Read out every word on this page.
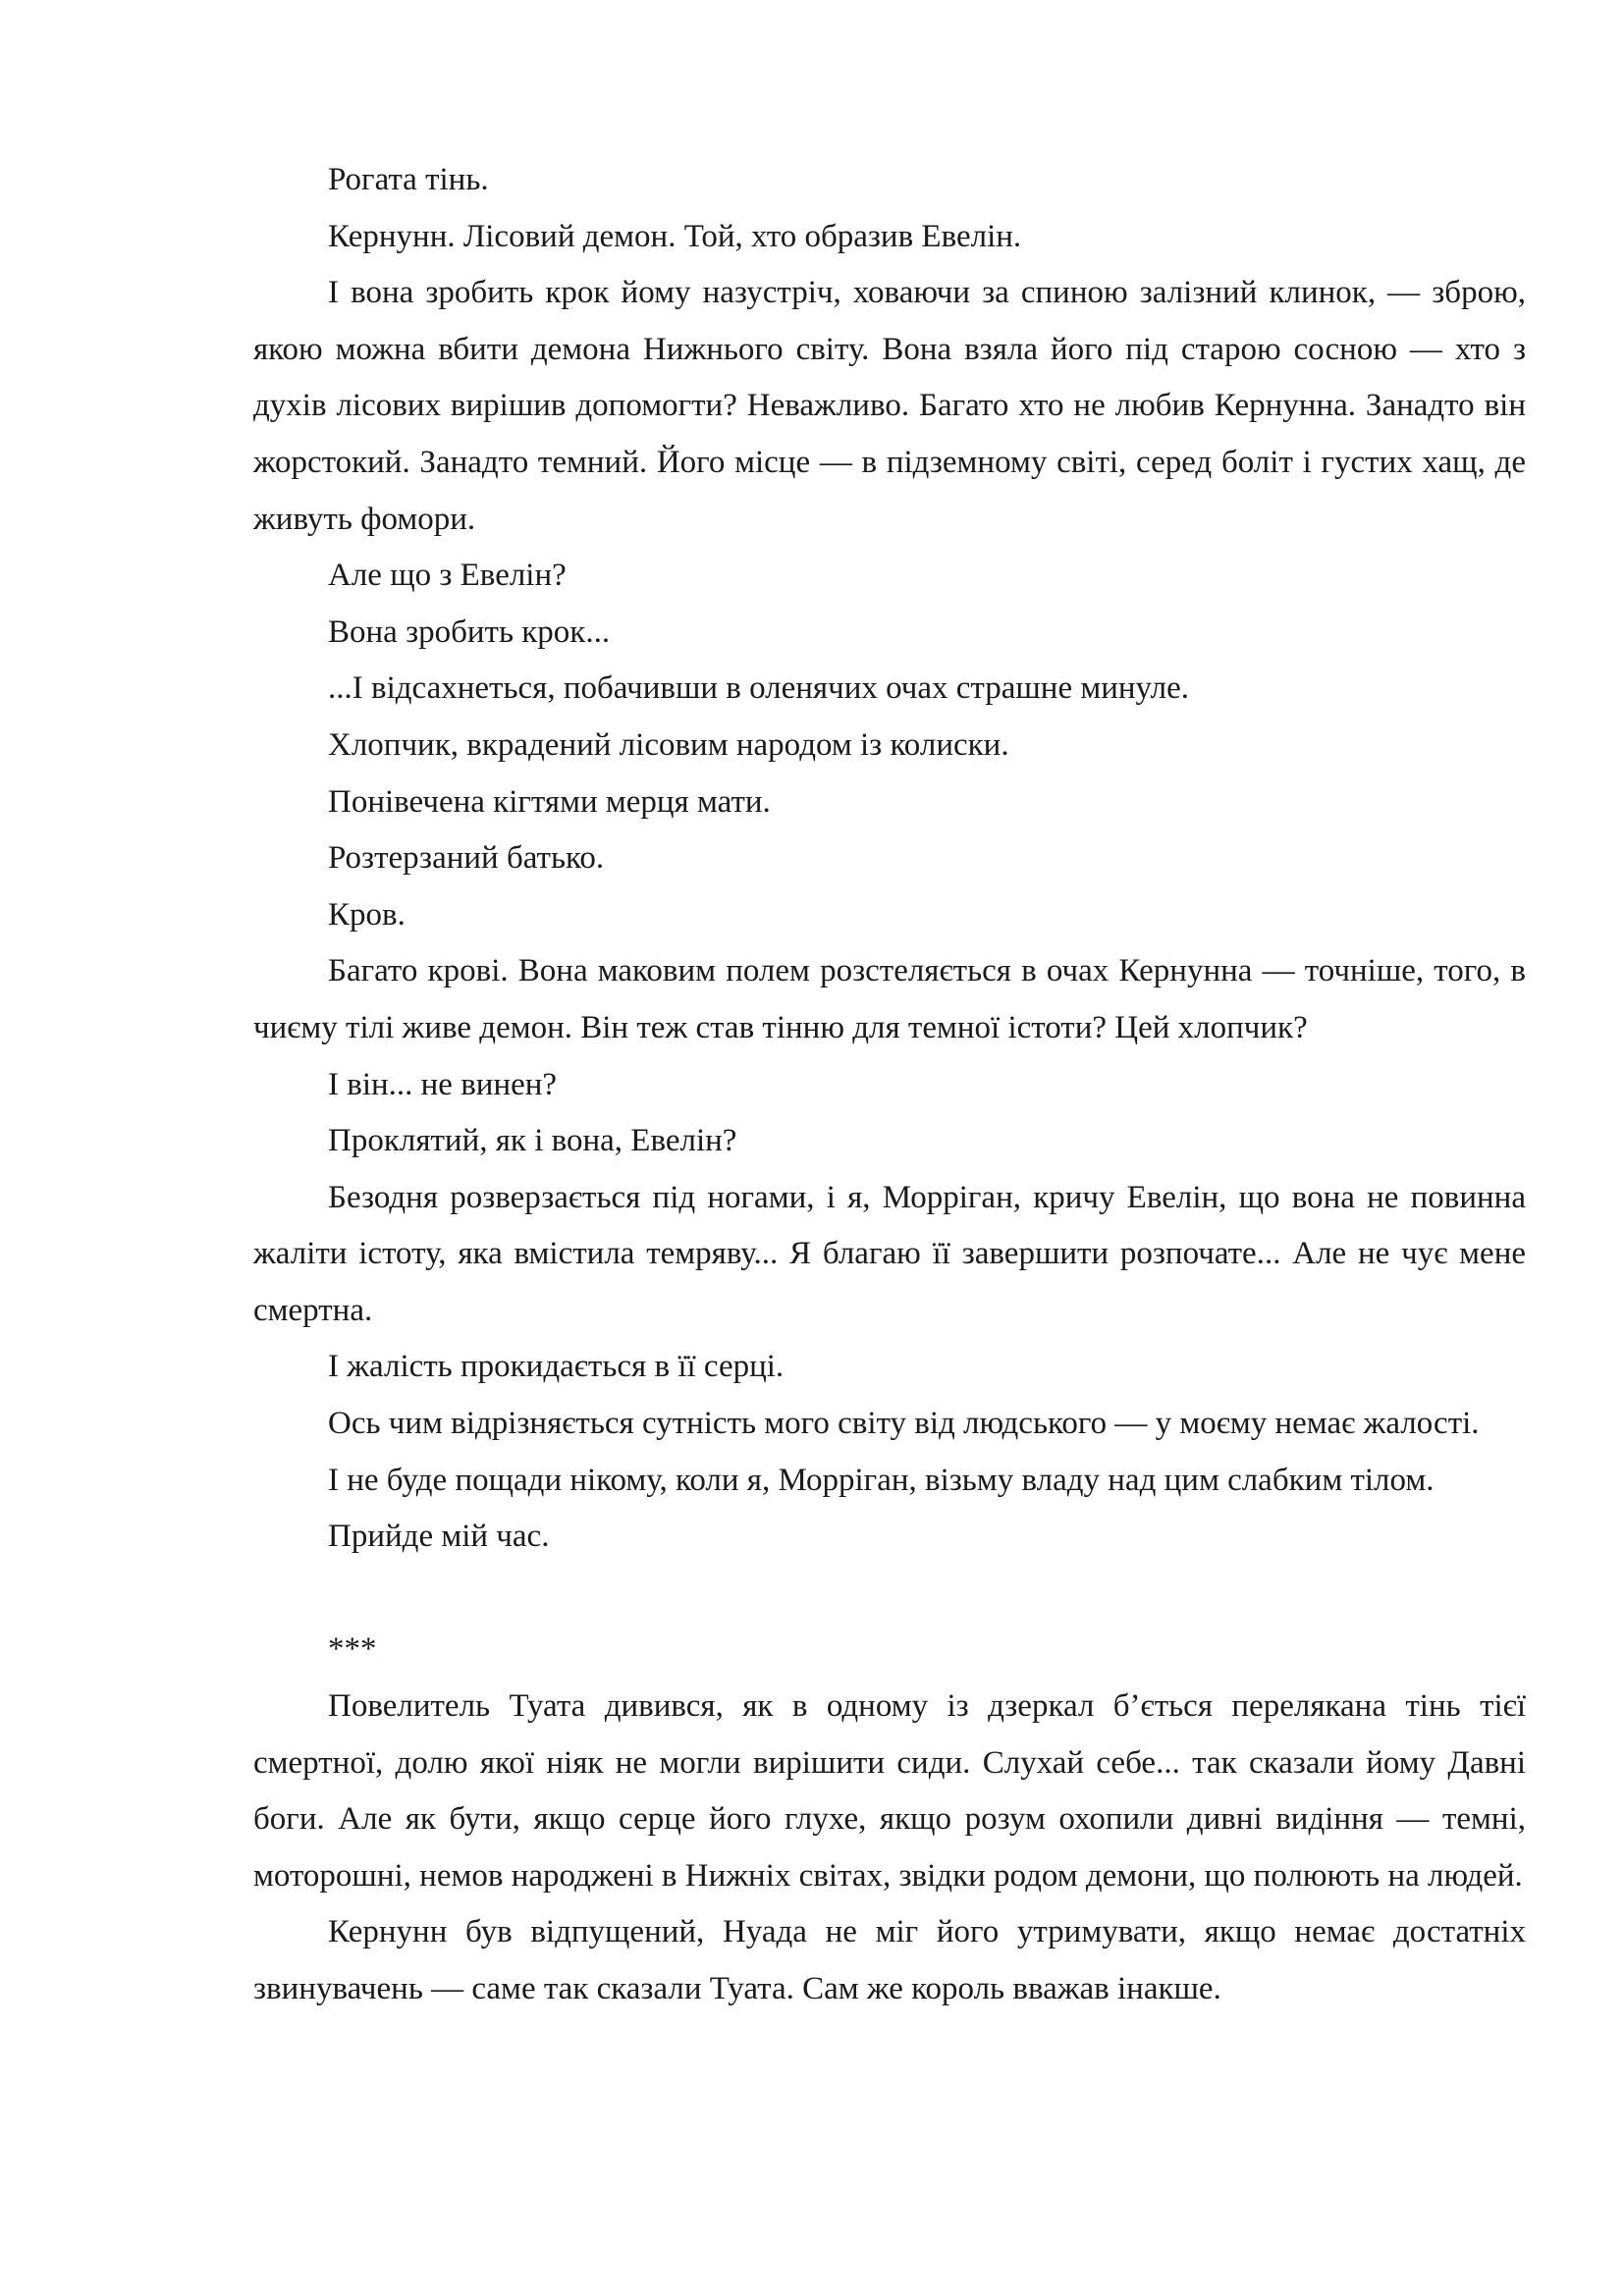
Рогата тінь.

Кернунн. Лісовий демон. Той, хто образив Евелін.

І вона зробить крок йому назустріч, ховаючи за спиною залізний клинок, — зброю, якою можна вбити демона Нижнього світу. Вона взяла його під старою сосною — хто з духів лісових вирішив допомогти? Неважливо. Багато хто не любив Кернунна. Занадто він жорстокий. Занадто темний. Його місце — в підземному світі, серед боліт і густих хащ, де живуть фомори.

Але що з Евелін?

Вона зробить крок...

...І відсахнеться, побачивши в оленячих очах страшне минуле.

Хлопчик, вкрадений лісовим народом із колиски.

Понівечена кігтями мерця мати.

Розтерзаний батько.

Кров.

Багато крові. Вона маковим полем розстеляється в очах Кернунна — точніше, того, в чиєму тілі живе демон. Він теж став тінню для темної істоти? Цей хлопчик?

І він... не винен?

Проклятий, як і вона, Евелін?

Безодня розверзається під ногами, і я, Морріган, кричу Евелін, що вона не повинна жаліти істоту, яка вмістила темряву... Я благаю її завершити розпочате... Але не чує мене смертна.

І жалість прокидається в її серці.

Ось чим відрізняється сутність мого світу від людського — у моєму немає жалості.

І не буде пощади нікому, коли я, Морріган, візьму владу над цим слабким тілом.

Прийде мій час.

***

Повелитель Туата дивився, як в одному із дзеркал б’ється перелякана тінь тієї смертної, долю якої ніяк не могли вирішити сиди. Слухай себе... так сказали йому Давні боги. Але як бути, якщо серце його глухе, якщо розум охопили дивні видіння — темні, моторошні, немов народжені в Нижніх світах, звідки родом демони, що полюють на людей.

Кернунн був відпущений, Нуада не міг його утримувати, якщо немає достатніх звинувачень — саме так сказали Туата. Сам же король вважав інакше.
